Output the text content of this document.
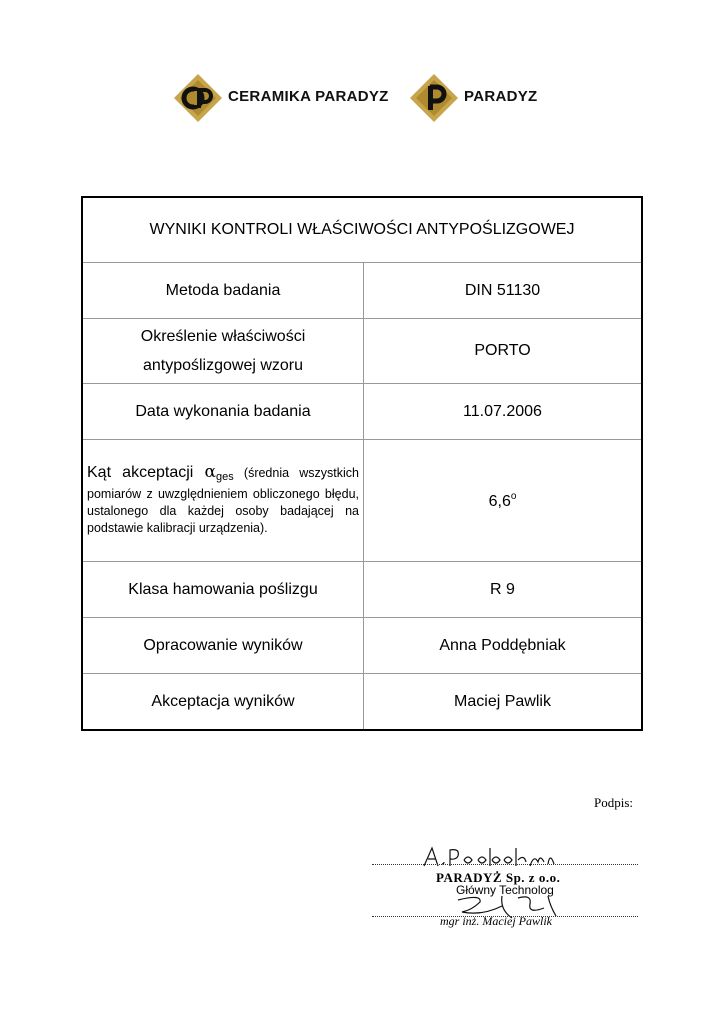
CERAMIKA PARADYZ	PARADYZ
WYNIKI KONTROLI WŁAŚCIWOŚCI ANTYPOŚLIZGOWEJ	
Metoda badania	DIN 51130

Określenie właściwości
antypoślizgowej wzoru	PORTO
Data wykonania badania	11.07.2006

Kąt akceptacji αges (średnia wszystkich pomiarów z uwzględnieniem obliczonego błędu, ustalonego dla każdej osoby badającej na podstawie kalibracji urządzenia).	6,6$^o$
Klasa hamowania poślizgu	R 9
Opracowanie wyników	Anna Poddębniak
Akceptacja wyników	Maciej Pawlik
Podpis:
PARADYŻ Sp. z o.o.
Główny Technolog
mgr inż. Maciej Pawlik
